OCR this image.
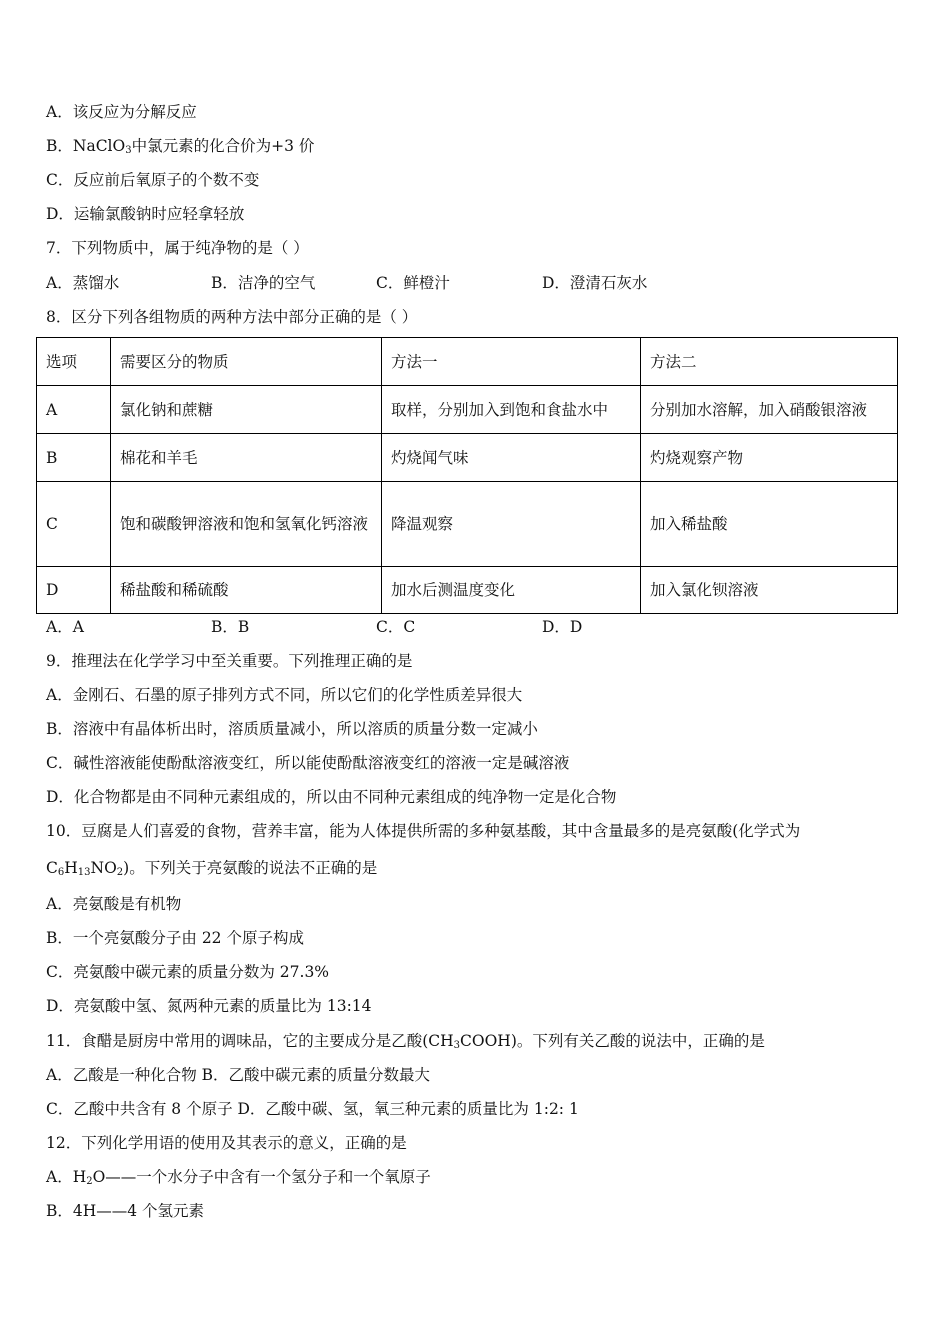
A．该反应为分解反应
B．NaClO$_3$中氯元素的化合价为+3 价
C．反应前后氧原子的个数不变
D．运输氯酸钠时应轻拿轻放
7．下列物质中，属于纯净物的是（ ）
A．蒸馏水	B．洁净的空气	C．鲜橙汁	D．澄清石灰水
8．区分下列各组物质的两种方法中部分正确的是（ ）
选项	需要区分的物质	方法一	方法二
A	氯化钠和蔗糖	取样，分别加入到饱和食盐水中	分别加水溶解，加入硝酸银溶液
B	棉花和羊毛	灼烧闻气味	灼烧观察产物
C	饱和碳酸钾溶液和饱和氢氧化钙溶液	降温观察	加入稀盐酸
D	稀盐酸和稀硫酸	加水后测温度变化	加入氯化钡溶液
A．A	B．B	C．C	D．D
9．推理法在化学学习中至关重要。下列推理正确的是
A．金刚石、石墨的原子排列方式不同，所以它们的化学性质差异很大
B．溶液中有晶体析出时，溶质质量减小，所以溶质的质量分数一定减小
C．碱性溶液能使酚酞溶液变红，所以能使酚酞溶液变红的溶液一定是碱溶液
D．化合物都是由不同种元素组成的，所以由不同种元素组成的纯净物一定是化合物
10．豆腐是人们喜爱的食物，营养丰富，能为人体提供所需的多种氨基酸，其中含量最多的是亮氨酸(化学式为
$C_6H_{13}NO_2$)。下列关于亮氨酸的说法不正确的是
A．亮氨酸是有机物
B．一个亮氨酸分子由 22 个原子构成
C．亮氨酸中碳元素的质量分数为 27.3%
D．亮氨酸中氢、氮两种元素的质量比为 13:14
11．食醋是厨房中常用的调味品，它的主要成分是乙酸$(CH_3COOH)$。下列有关乙酸的说法中，正确的是
A．乙酸是一种化合物 B．乙酸中碳元素的质量分数最大
C．乙酸中共含有 8 个原子 D．乙酸中碳、氢，氧三种元素的质量比为 1:2: 1
12．下列化学用语的使用及其表示的意义，正确的是
A．$H_2O——$一个水分子中含有一个氢分子和一个氧原子
B．4H——4 个氢元素
